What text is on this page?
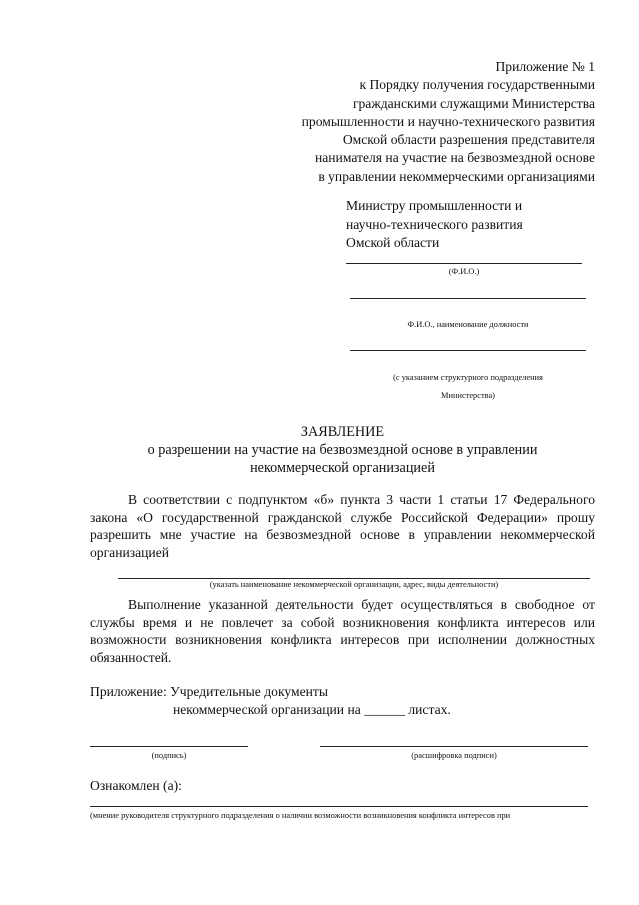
Приложение № 1
к Порядку получения государственными
гражданскими служащими Министерства
промышленности и научно-технического развития
Омской области разрешения представителя
нанимателя на участие на безвозмездной основе
в управлении некоммерческими организациями
Министру промышленности и
научно-технического развития
Омской области
(Ф.И.О.)
Ф.И.О., наименование должности
(с указанием структурного подразделения
Министерства)
ЗАЯВЛЕНИЕ
о разрешении на участие на безвозмездной основе в управлении
некоммерческой организацией
В соответствии с подпунктом «б» пункта 3 части 1 статьи 17 Федерального закона «О государственной гражданской службе Российской Федерации» прошу разрешить мне участие на безвозмездной основе в управлении некоммерческой организацией
(указать наименование некоммерческой организации, адрес, виды деятельности)
Выполнение указанной деятельности будет осуществляться в свободное от службы время и не повлечет за собой возникновения конфликта интересов или возможности возникновения конфликта интересов при исполнении должностных обязанностей.
Приложение: Учредительные документы
некоммерческой организации на ______ листах.
(подпись)	(расшифровка подписи)
Ознакомлен (а):
(мнение руководителя структурного подразделения о наличии возможности возникновения конфликта интересов при
